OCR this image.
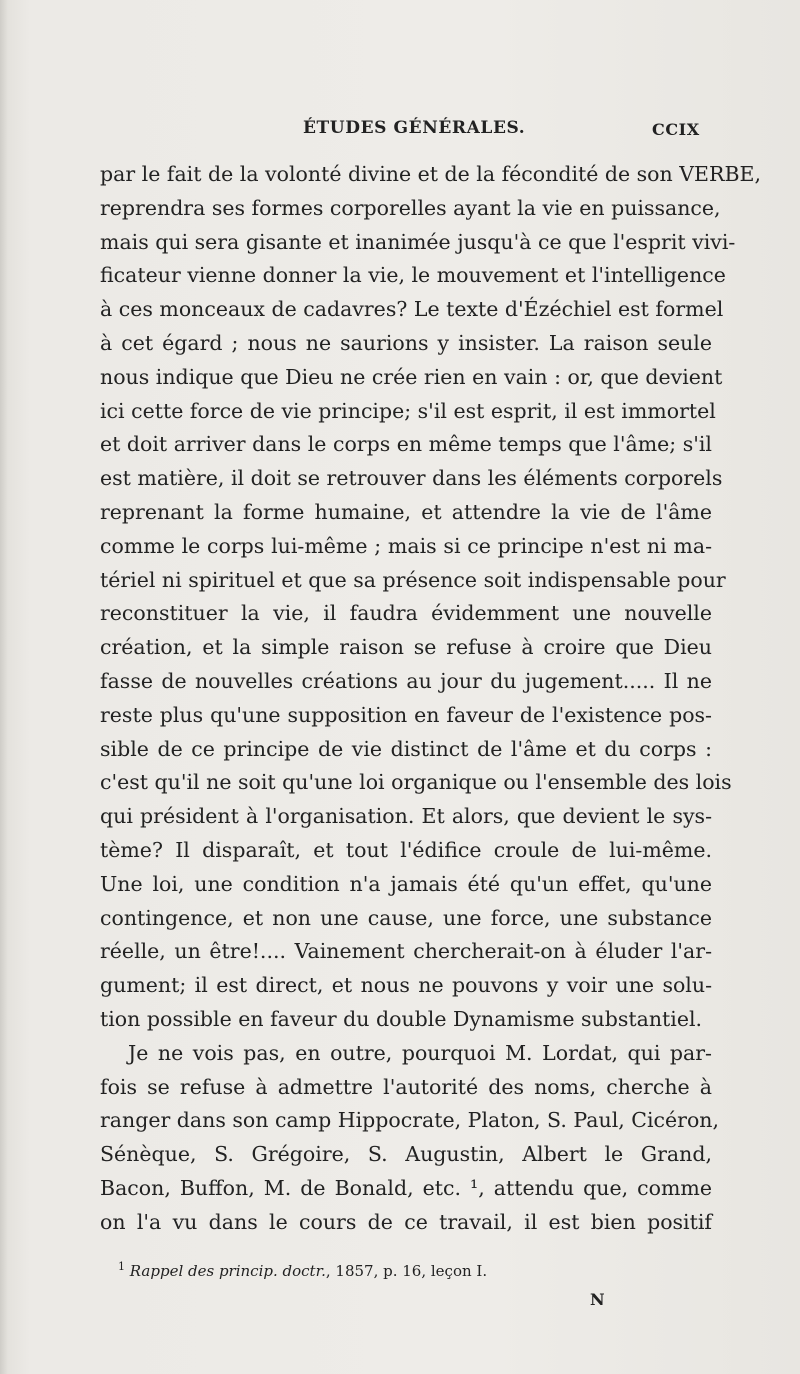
ÉTUDES GÉNÉRALES.	CCIX
par le fait de la volonté divine et de la fécondité de son VERBE,
reprendra ses formes corporelles ayant la vie en puissance,
mais qui sera gisante et inanimée jusqu'à ce que l'esprit vivi-
ficateur vienne donner la vie, le mouvement et l'intelligence
à ces monceaux de cadavres? Le texte d'Ézéchiel est formel
à cet égard ; nous ne saurions y insister. La raison seule
nous indique que Dieu ne crée rien en vain : or, que devient
ici cette force de vie principe; s'il est esprit, il est immortel
et doit arriver dans le corps en même temps que l'âme; s'il
est matière, il doit se retrouver dans les éléments corporels
reprenant la forme humaine, et attendre la vie de l'âme
comme le corps lui-même ; mais si ce principe n'est ni ma-
tériel ni spirituel et que sa présence soit indispensable pour
reconstituer la vie, il faudra évidemment une nouvelle
création, et la simple raison se refuse à croire que Dieu
fasse de nouvelles créations au jour du jugement..... Il ne
reste plus qu'une supposition en faveur de l'existence pos-
sible de ce principe de vie distinct de l'âme et du corps :
c'est qu'il ne soit qu'une loi organique ou l'ensemble des lois
qui président à l'organisation. Et alors, que devient le sys-
tème? Il disparaît, et tout l'édifice croule de lui-même.
Une loi, une condition n'a jamais été qu'un effet, qu'une
contingence, et non une cause, une force, une substance
réelle, un être!.... Vainement chercherait-on à éluder l'ar-
gument; il est direct, et nous ne pouvons y voir une solu-
tion possible en faveur du double Dynamisme substantiel.
Je ne vois pas, en outre, pourquoi M. Lordat, qui par-
fois se refuse à admettre l'autorité des noms, cherche à
ranger dans son camp Hippocrate, Platon, S. Paul, Cicéron,
Sénèque, S. Grégoire, S. Augustin, Albert le Grand,
Bacon, Buffon, M. de Bonald, etc. ¹, attendu que, comme
on l'a vu dans le cours de ce travail, il est bien positif
$^1$ Rappel des princip. doctr., 1857, p. 16, leçon I.
N
